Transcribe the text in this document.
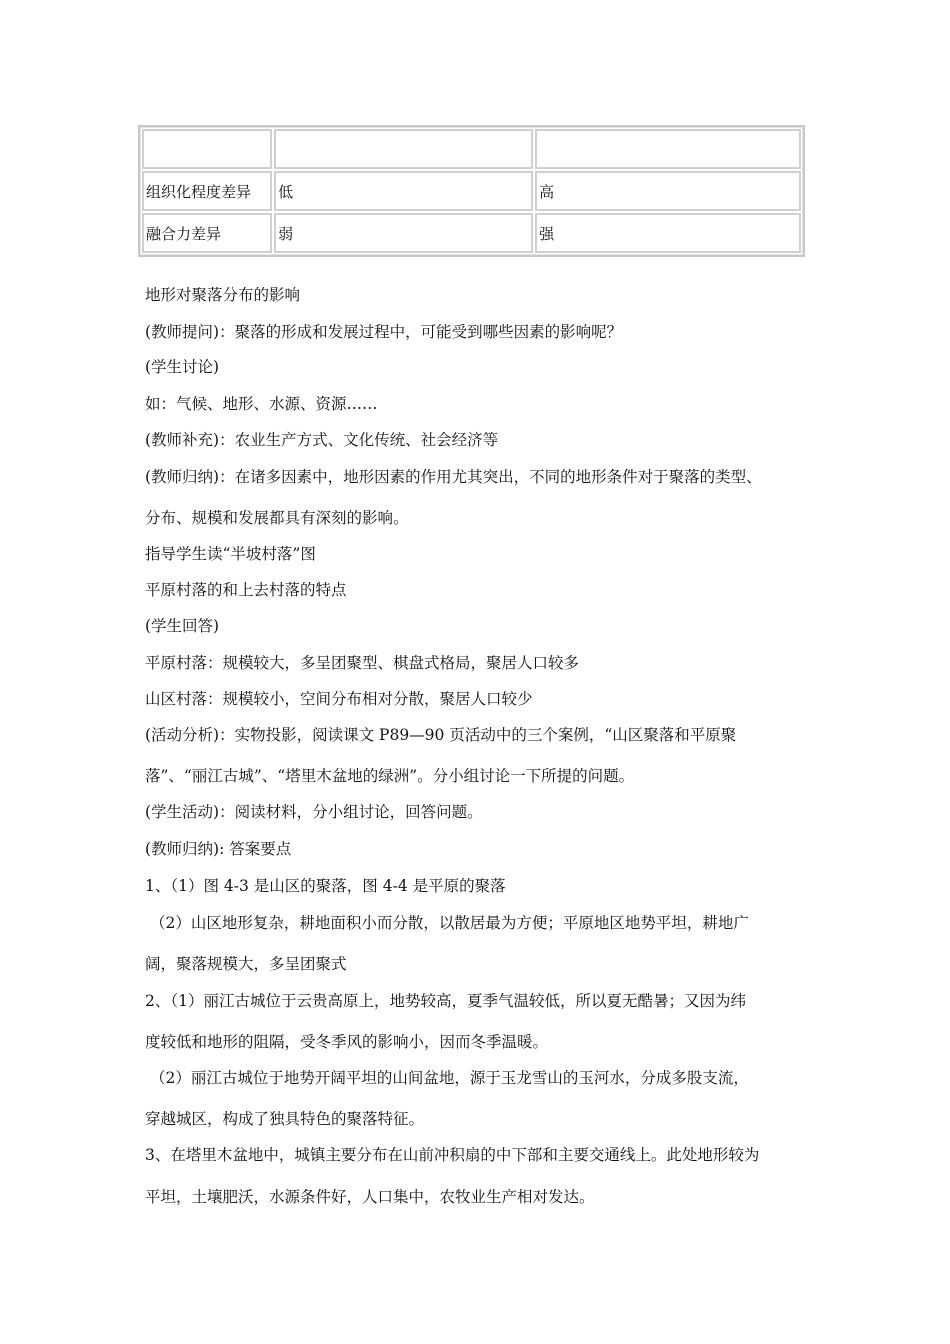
组织化程度差异	低	高
融合力差异	弱	强
地形对聚落分布的影响
(教师提问)：聚落的形成和发展过程中，可能受到哪些因素的影响呢？
(学生讨论)
如：气候、地形、水源、资源……
(教师补充)：农业生产方式、文化传统、社会经济等
(教师归纳)：在诸多因素中，地形因素的作用尤其突出，不同的地形条件对于聚落的类型、
分布、规模和发展都具有深刻的影响。
指导学生读“半坡村落”图
平原村落的和上去村落的特点
(学生回答)
平原村落：规模较大，多呈团聚型、棋盘式格局，聚居人口较多
山区村落：规模较小，空间分布相对分散，聚居人口较少
(活动分析)：实物投影，阅读课文 P89—90 页活动中的三个案例，“山区聚落和平原聚
落”、“丽江古城”、“塔里木盆地的绿洲”。分小组讨论一下所提的问题。
(学生活动)：阅读材料，分小组讨论，回答问题。
(教师归纳): 答案要点
1、（1）图 4-3 是山区的聚落，图 4-4 是平原的聚落
（2）山区地形复杂，耕地面积小而分散，以散居最为方便；平原地区地势平坦，耕地广
阔，聚落规模大，多呈团聚式
2、（1）丽江古城位于云贵高原上，地势较高，夏季气温较低，所以夏无酷暑；又因为纬
度较低和地形的阻隔，受冬季风的影响小，因而冬季温暖。
（2）丽江古城位于地势开阔平坦的山间盆地，源于玉龙雪山的玉河水，分成多股支流，
穿越城区，构成了独具特色的聚落特征。
3、在塔里木盆地中，城镇主要分布在山前冲积扇的中下部和主要交通线上。此处地形较为
平坦，土壤肥沃，水源条件好，人口集中，农牧业生产相对发达。
